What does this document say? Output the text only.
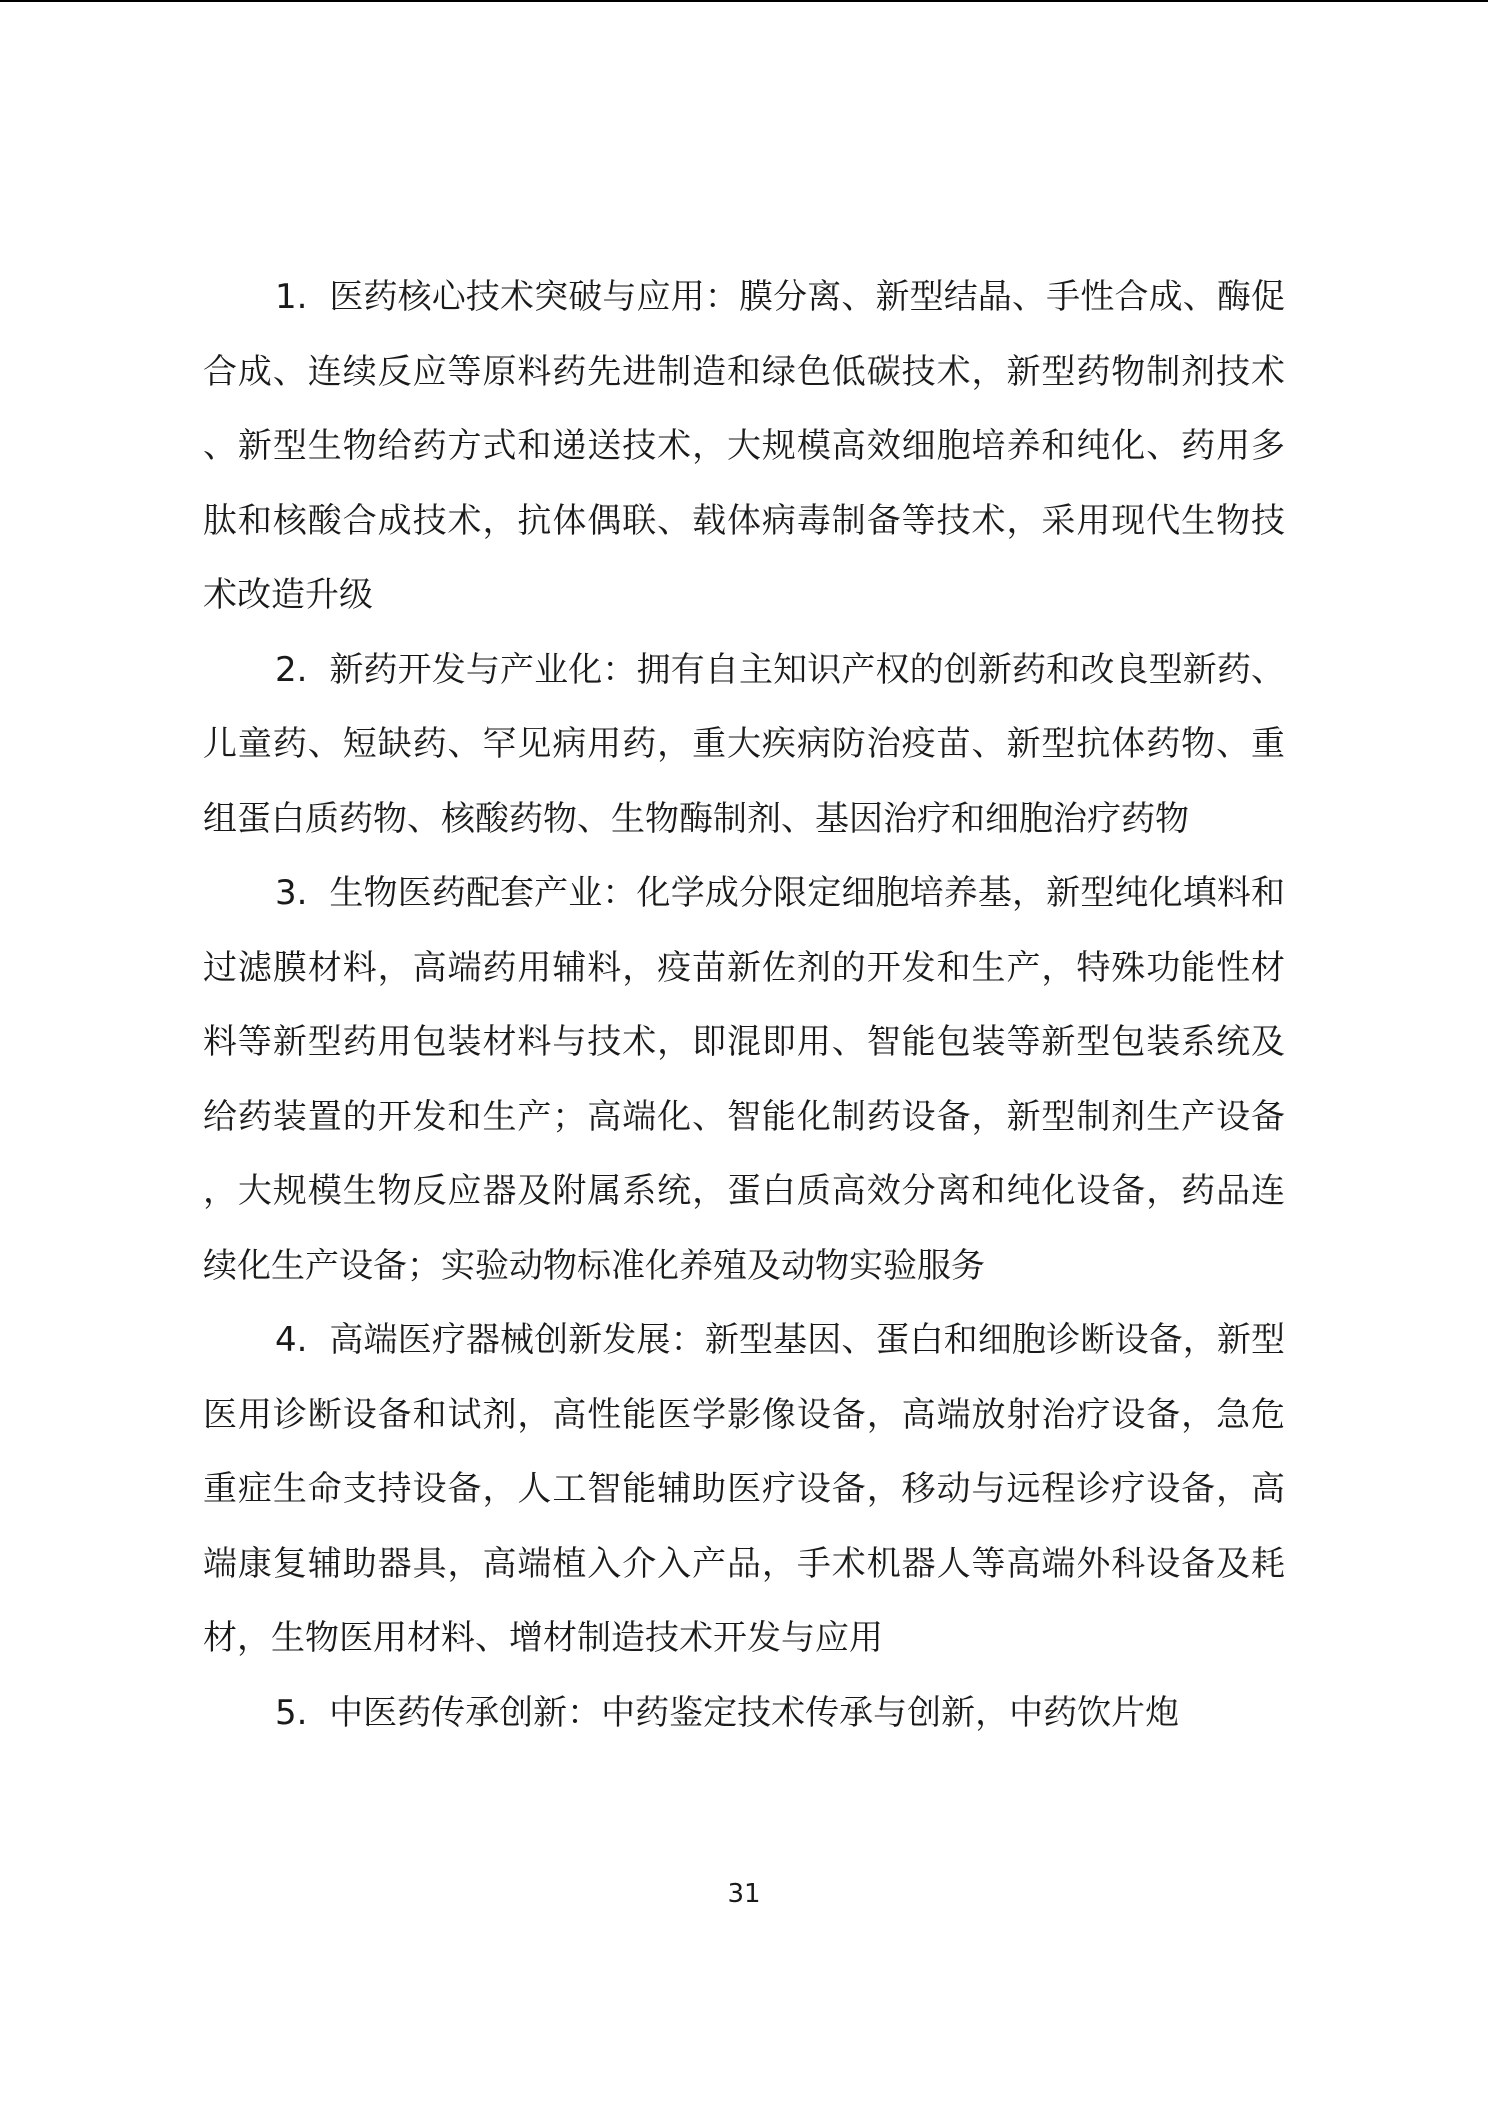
1. 医药核心技术突破与应用：膜分离、新型结晶、手性合成、酶促合成、连续反应等原料药先进制造和绿色低碳技术，新型药物制剂技术、新型生物给药方式和递送技术，大规模高效细胞培养和纯化、药用多肽和核酸合成技术，抗体偶联、载体病毒制备等技术，采用现代生物技术改造升级

2. 新药开发与产业化：拥有自主知识产权的创新药和改良型新药、儿童药、短缺药、罕见病用药，重大疾病防治疫苗、新型抗体药物、重组蛋白质药物、核酸药物、生物酶制剂、基因治疗和细胞治疗药物

3. 生物医药配套产业：化学成分限定细胞培养基，新型纯化填料和过滤膜材料，高端药用辅料，疫苗新佐剂的开发和生产，特殊功能性材料等新型药用包装材料与技术，即混即用、智能包装等新型包装系统及给药装置的开发和生产；高端化、智能化制药设备，新型制剂生产设备，大规模生物反应器及附属系统，蛋白质高效分离和纯化设备，药品连续化生产设备；实验动物标准化养殖及动物实验服务

4. 高端医疗器械创新发展：新型基因、蛋白和细胞诊断设备，新型医用诊断设备和试剂，高性能医学影像设备，高端放射治疗设备，急危重症生命支持设备，人工智能辅助医疗设备，移动与远程诊疗设备，高端康复辅助器具，高端植入介入产品，手术机器人等高端外科设备及耗材，生物医用材料、增材制造技术开发与应用

5. 中医药传承创新：中药鉴定技术传承与创新，中药饮片炮

31
